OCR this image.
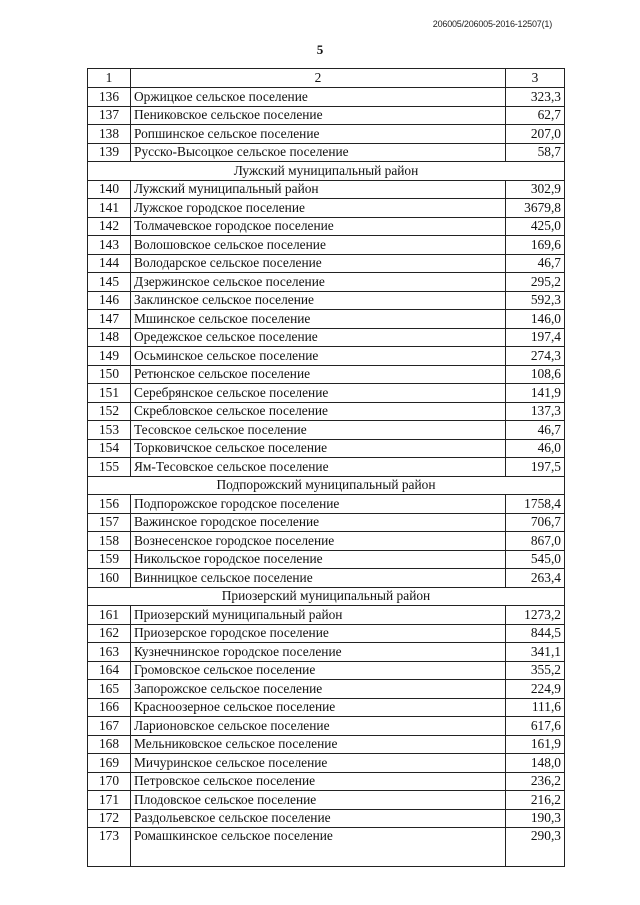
206005/206005-2016-12507(1)
5
1	2	3
136	Оржицкое сельское поселение	323,3
137	Пениковское сельское поселение	62,7
138	Ропшинское сельское поселение	207,0
139	Русско-Высоцкое сельское поселение	58,7
Лужский муниципальный район		
140	Лужский муниципальный район	302,9
141	Лужское городское поселение	3679,8
142	Толмачевское городское поселение	425,0
143	Волошовское сельское поселение	169,6
144	Володарское сельское поселение	46,7
145	Дзержинское сельское поселение	295,2
146	Заклинское сельское поселение	592,3
147	Мшинское сельское поселение	146,0
148	Оредежское сельское поселение	197,4
149	Осьминское сельское поселение	274,3
150	Ретюнское сельское поселение	108,6
151	Серебрянское сельское поселение	141,9
152	Скребловское сельское поселение	137,3
153	Тесовское сельское поселение	46,7
154	Торковичское сельское поселение	46,0
155	Ям-Тесовское сельское поселение	197,5
Подпорожский муниципальный район		
156	Подпорожское городское поселение	1758,4
157	Важинское городское поселение	706,7
158	Вознесенское городское поселение	867,0
159	Никольское городское поселение	545,0
160	Винницкое сельское поселение	263,4
Приозерский муниципальный район		
161	Приозерский муниципальный район	1273,2
162	Приозерское городское поселение	844,5
163	Кузнечнинское городское поселение	341,1
164	Громовское сельское поселение	355,2
165	Запорожское сельское поселение	224,9
166	Красноозерное сельское поселение	111,6
167	Ларионовское сельское поселение	617,6
168	Мельниковское сельское поселение	161,9
169	Мичуринское сельское поселение	148,0
170	Петровское сельское поселение	236,2
171	Плодовское сельское поселение	216,2
172	Раздольевское сельское поселение	190,3
173	Ромашкинское сельское поселение	290,3
